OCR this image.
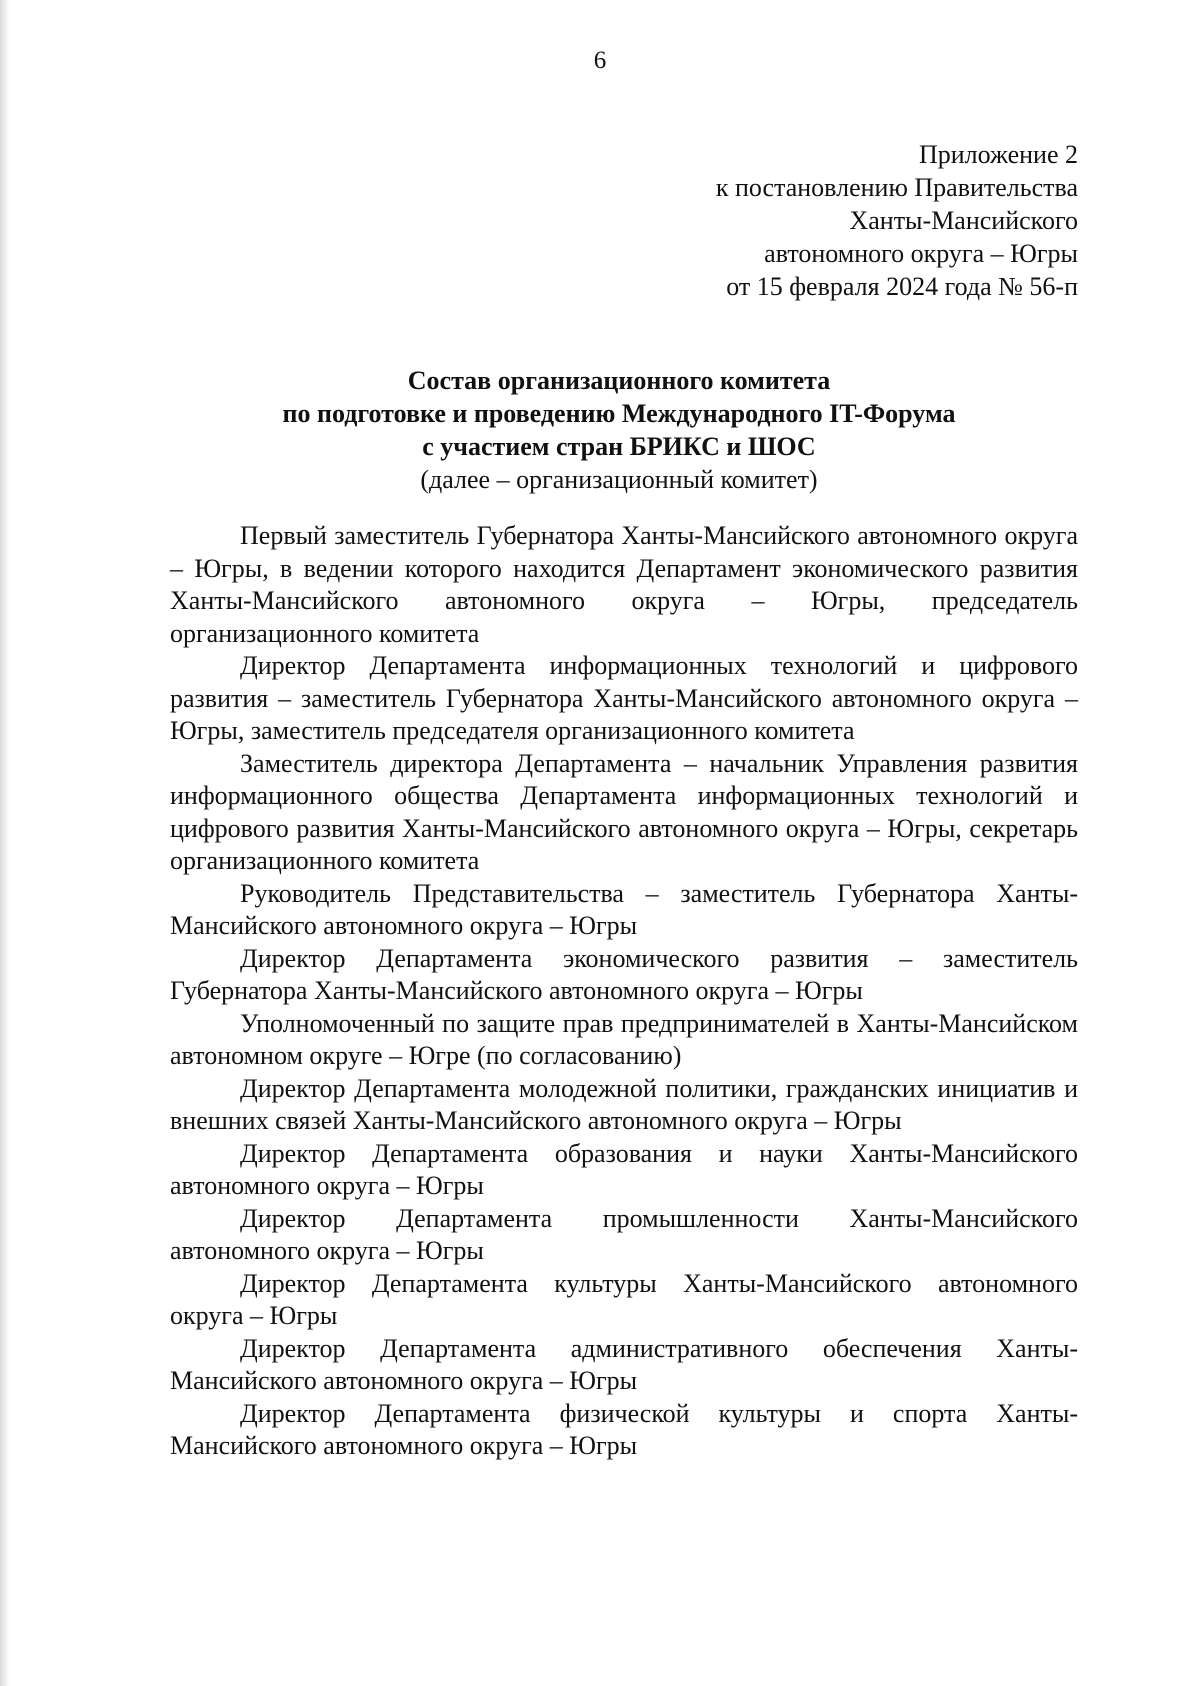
6
Приложение 2
к постановлению Правительства
Ханты-Мансийского
автономного округа – Югры
от 15 февраля 2024 года № 56-п
Состав организационного комитета
по подготовке и проведению Международного IT-Форума
с участием стран БРИКС и ШОС
(далее – организационный комитет)

Первый заместитель Губернатора Ханты-Мансийского автономного округа – Югры, в ведении которого находится Департамент экономического развития Ханты-Мансийского автономного округа – Югры, председатель организационного комитета

Директор Департамента информационных технологий и цифрового развития – заместитель Губернатора Ханты-Мансийского автономного округа – Югры, заместитель председателя организационного комитета

Заместитель директора Департамента – начальник Управления развития информационного общества Департамента информационных технологий и цифрового развития Ханты-Мансийского автономного округа – Югры, секретарь организационного комитета

Руководитель Представительства – заместитель Губернатора Ханты-Мансийского автономного округа – Югры

Директор Департамента экономического развития – заместитель Губернатора Ханты-Мансийского автономного округа – Югры

Уполномоченный по защите прав предпринимателей в Ханты-Мансийском автономном округе – Югре (по согласованию)

Директор Департамента молодежной политики, гражданских инициатив и внешних связей Ханты-Мансийского автономного округа – Югры

Директор Департамента образования и науки Ханты-Мансийского автономного округа – Югры

Директор Департамента промышленности Ханты-Мансийского автономного округа – Югры

Директор Департамента культуры Ханты-Мансийского автономного округа – Югры

Директор Департамента административного обеспечения Ханты-Мансийского автономного округа – Югры

Директор Департамента физической культуры и спорта Ханты-Мансийского автономного округа – Югры
